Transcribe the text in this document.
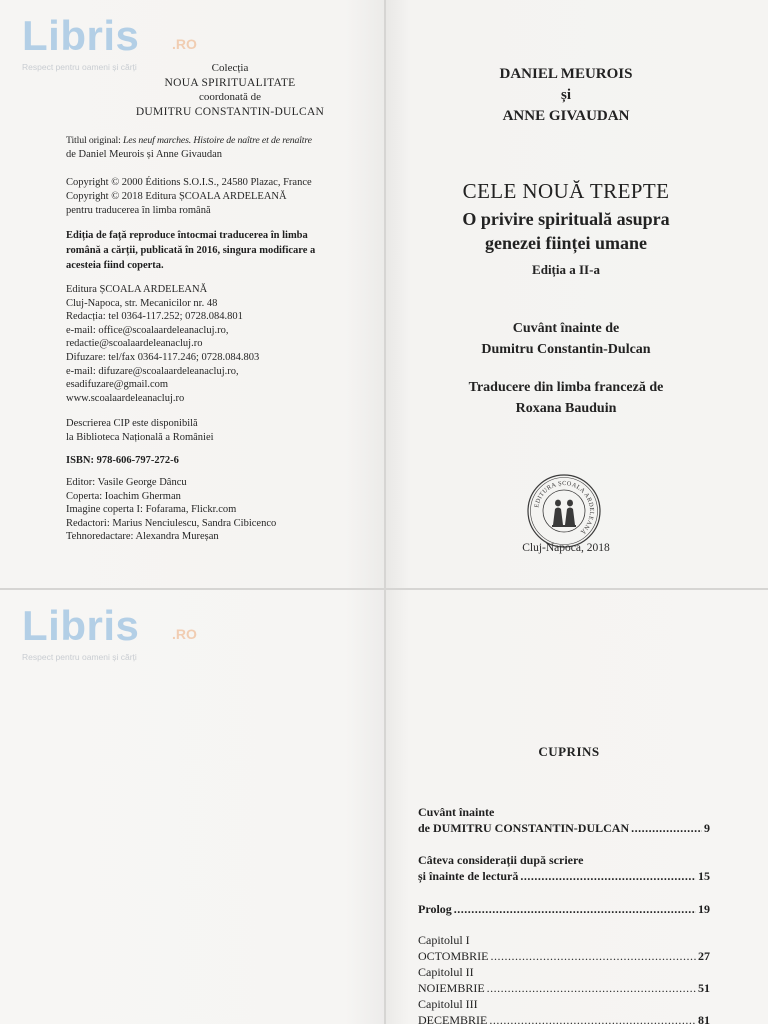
Libris .RO
Respect pentru oameni și cărți	Colecția
NOUA SPIRITUALITATE
coordonată de
DUMITRU CONSTANTIN-DULCAN
Titlul original: Les neuf marches. Histoire de naître et de renaître
de Daniel Meurois și Anne Givaudan
Copyright © 2000 Éditions S.O.I.S., 24580 Plazac, France
Copyright © 2018 Editura ȘCOALA ARDELEANĂ
pentru traducerea în limba română
Ediția de față reproduce întocmai traducerea în limba
română a cărții, publicată în 2016, singura modificare a
acesteia fiind coperta.
Editura ȘCOALA ARDELEANĂ
Cluj-Napoca, str. Mecanicilor nr. 48
Redacția: tel 0364-117.252; 0728.084.801
e-mail: office@scoalaardeleanacluj.ro,
redactie@scoalaardeleanacluj.ro
Difuzare: tel/fax 0364-117.246; 0728.084.803
e-mail: difuzare@scoalaardeleanacluj.ro,
esadifuzare@gmail.com
www.scoalaardeleanacluj.ro
Descrierea CIP este disponibilă
la Biblioteca Națională a României
ISBN: 978-606-797-272-6
Editor: Vasile George Dâncu
Coperta: Ioachim Gherman
Imagine coperta I: Fofarama, Flickr.com
Redactori: Marius Nenciulescu, Sandra Cibicenco
Tehnoredactare: Alexandra Mureșan
DANIEL MEUROIS
și
ANNE GIVAUDAN
CELE NOUĂ TREPTE
O privire spirituală asupra
genezei ființei umane
Ediția a II-a
Cuvânt înainte de
Dumitru Constantin-Dulcan
Traducere din limba franceză de
Roxana Bauduin
EDITURA ȘCOALA ARDELEANĂ
Cluj-Napoca, 2018
Libris .RO
Respect pentru oameni și cărți
CUPRINS
Cuvânt înainte
de DUMITRU CONSTANTIN-DULCAN .....	9
Câteva considerații după scriere
și înainte de lectură .....	15
Prolog .....	19
Capitolul I
OCTOMBRIE .....	27
Capitolul II
NOIEMBRIE .....	51
Capitolul III
DECEMBRIE .....	81
